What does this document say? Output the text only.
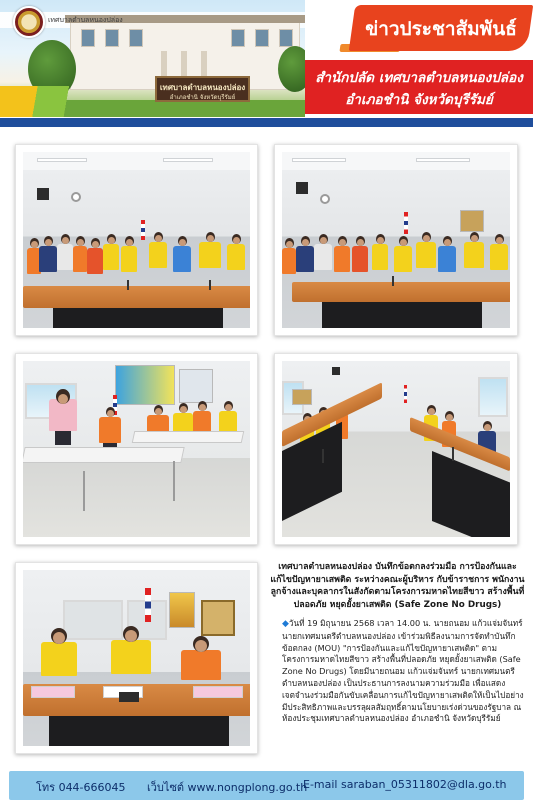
เทศบาลตำบลหนองปล่อง
อำเภอชำนิ จังหวัดบุรีรัมย์
เทศบาลตำบลหนองปล่อง	ข่าวประชาสัมพันธ์
สำนักปลัด เทศบาลตำบลหนองปล่อง
อำเภอชำนิ จังหวัดบุรีรัมย์
เทศบาลตำบลหนองปล่อง บันทึกข้อตกลงร่วมมือ การป้องกันและแก้ไขปัญหายาเสพติด ระหว่างคณะผู้บริหาร กับข้าราชการ พนักงานลูกจ้างและบุคลากรในสังกัดตามโครงการมหาดไทยสีขาว สร้างพื้นที่ปลอดภัย หยุดยั้งยาเสพติด (Safe Zone No Drugs)
◆วันที่ 19 มิถุนายน 2568 เวลา 14.00 น. นายถนอม แก้วแจ่มจันทร์ นายกเทศมนตรีตำบลหนองปล่อง เข้าร่วมพิธีลงนามการจัดทำบันทึกข้อตกลง (MOU) "การป้องกันและแก้ไขปัญหายาเสพติด" ตามโครงการมหาดไทยสีขาว สร้างพื้นที่ปลอดภัย หยุดยั้งยาเสพติด (Safe Zone No Drugs) โดยมีนายถนอม แก้วแจ่มจันทร์ นายกเทศมนตรีตำบลหนองปล่อง เป็นประธานการลงนามความร่วมมือ เพื่อแสดงเจตจำนงร่วมมือกันขับเคลื่อนการแก้ไขปัญหายาเสพติดให้เป็นไปอย่างมีประสิทธิภาพและบรรลุผลสัมฤทธิ์ตามนโยบายเร่งด่วนของรัฐบาล ณ ห้องประชุมเทศบาลตำบลหนองปล่อง อำเภอชำนิ จังหวัดบุรีรัมย์
โทร 044-666045 เว็บไซต์ www.nongplong.go.th
E-mail saraban_05311802@dla.go.th
